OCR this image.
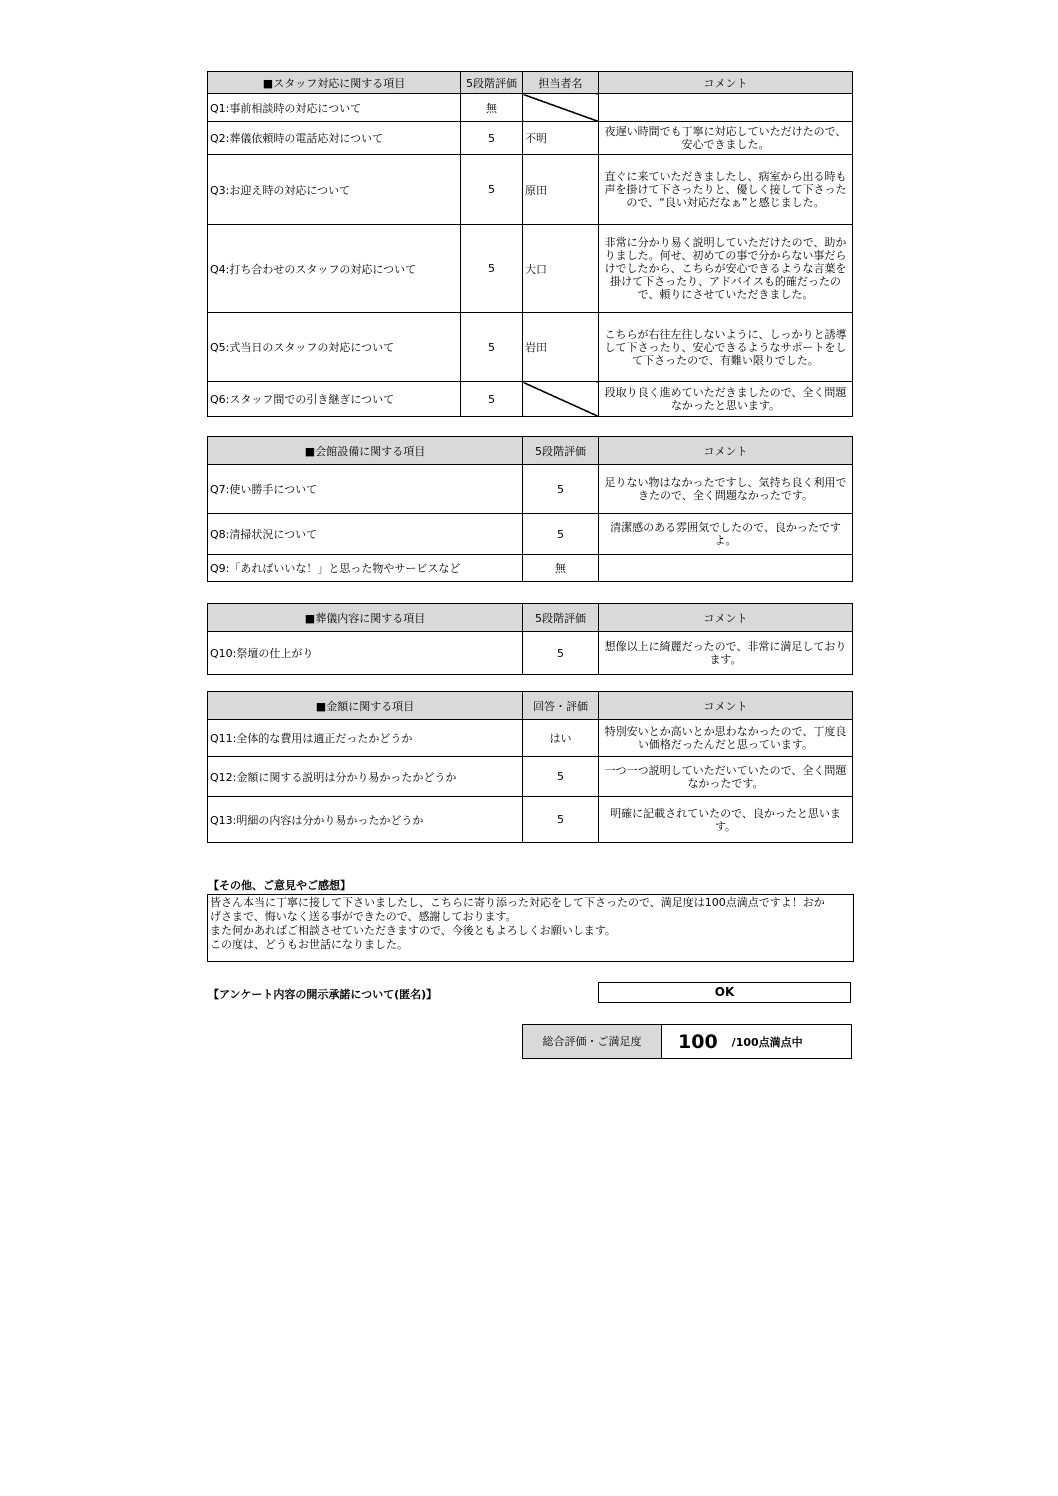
■スタッフ対応に関する項目	5段階評価	担当者名	コメント
Q1:事前相談時の対応について	無		
Q2:葬儀依頼時の電話応対について	5	不明	夜遅い時間でも丁寧に対応していただけたので、安心できました。
Q3:お迎え時の対応について	5	原田	直ぐに来ていただきましたし、病室から出る時も声を掛けて下さったりと、優しく接して下さったので、“良い対応だなぁ”と感じました。
Q4:打ち合わせのスタッフの対応について	5	大口	非常に分かり易く説明していただけたので、助かりました。何せ、初めての事で分からない事だらけでしたから、こちらが安心できるような言葉を掛けて下さったり、アドバイスも的確だったので、頼りにさせていただきました。
Q5:式当日のスタッフの対応について	5	岩田	こちらが右往左往しないように、しっかりと誘導して下さったり、安心できるようなサポートをして下さったので、有難い限りでした。
Q6:スタッフ間での引き継ぎについて	5		段取り良く進めていただきましたので、全く問題なかったと思います。
■会館設備に関する項目	5段階評価	コメント
Q7:使い勝手について	5	足りない物はなかったですし、気持ち良く利用できたので、全く問題なかったです。
Q8:清掃状況について	5	清潔感のある雰囲気でしたので、良かったですよ。
Q9:「あればいいな！」と思った物やサービスなど	無	
■葬儀内容に関する項目	5段階評価	コメント
Q10:祭壇の仕上がり	5	想像以上に綺麗だったので、非常に満足しております。
■金額に関する項目	回答・評価	コメント
Q11:全体的な費用は適正だったかどうか	はい	特別安いとか高いとか思わなかったので、丁度良い価格だったんだと思っています。
Q12:金額に関する説明は分かり易かったかどうか	5	一つ一つ説明していただいていたので、全く問題なかったです。
Q13:明細の内容は分かり易かったかどうか	5	明確に記載されていたので、良かったと思います。
【その他、ご意見やご感想】
皆さん本当に丁寧に接して下さいましたし、こちらに寄り添った対応をして下さったので、満足度は100点満点ですよ！おか
げさまで、悔いなく送る事ができたので、感謝しております。
また何かあればご相談させていただきますので、今後ともよろしくお願いします。
この度は、どうもお世話になりました。
【アンケート内容の開示承諾について(匿名)】	OK
総合評価・ご満足度	100 /100点満点中
